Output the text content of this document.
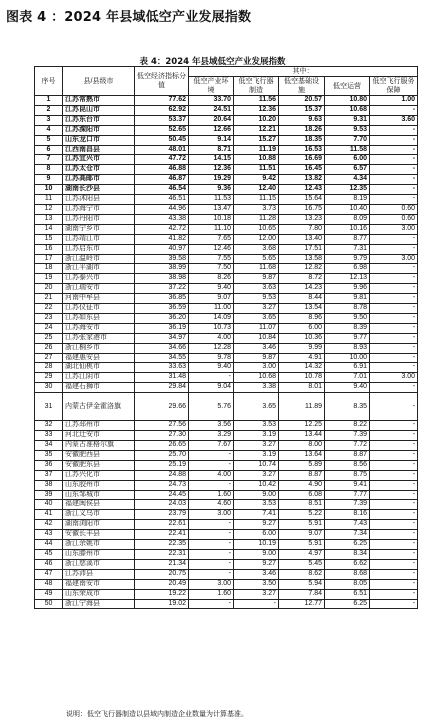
图表 4 ：2024 年县域低空产业发展指数
表 4：2024 年县域低空产业发展指数
序号	县/县级市	低空经济指标分值	其中：				
			低空产业环境	低空飞行器制造	低空基础设施	低空运营	低空飞行服务保障
1	江苏常熟市	77.62	33.70	11.56	20.57	10.80	1.00
2	江苏昆山市	62.92	24.51	12.36	15.37	10.68	-
3	江苏东台市	53.37	20.64	10.20	9.63	9.31	3.60
4	江苏溧阳市	52.65	12.66	12.21	18.26	9.53	-
5	山东龙口市	50.45	9.14	15.27	18.35	7.70	-
6	江西南昌县	48.01	8.71	11.19	16.53	11.58	-
7	江苏宜兴市	47.72	14.15	10.88	16.69	6.00	-
8	江苏太仓市	46.88	12.36	11.51	16.45	6.57	-
9	江苏高邮市	46.87	19.29	9.42	13.82	4.34	-
10	湖南长沙县	46.54	9.36	12.40	12.43	12.35	-
11	江苏沭阳县	46.51	11.53	11.15	15.64	8.19	-
12	江苏海宁市	44.96	13.47	3.73	16.75	10.40	0.60
13	江苏丹阳市	43.38	10.18	11.28	13.23	8.09	0.60
14	湖南宁乡市	42.72	11.10	10.65	7.80	10.16	3.00
15	江苏靖江市	41.82	7.65	12.00	13.40	8.77	-
16	江苏启东市	40.97	12.46	3.68	17.51	7.31	-
17	浙江温岭市	39.58	7.55	5.65	13.58	9.79	3.00
18	浙江平湖市	38.99	7.50	11.68	12.82	6.98	-
19	江苏泰兴市	38.98	8.26	9.87	8.72	12.13	-
20	浙江瑞安市	37.22	9.40	3.63	14.23	9.96	-
21	河南中牟县	36.85	9.07	9.53	8.44	9.81	-
22	江苏仪征市	36.59	11.00	3.27	13.54	8.78	-
23	江苏如东县	36.20	14.09	3.65	8.96	9.50	-
24	江苏海安市	36.19	10.73	11.07	6.00	8.39	-
25	江苏张家港市	34.97	4.00	10.84	10.36	9.77	-
26	浙江桐乡市	34.66	12.28	3.46	9.99	8.93	-
27	福建惠安县	34.55	9.78	9.87	4.91	10.00	-
28	湖北仙桃市	33.63	9.40	3.00	14.32	6.91	-
29	江苏江阴市	31.48	-	10.68	10.78	7.01	3.00
30	福建石狮市	29.84	9.04	3.38	8.01	9.40	-
31	内蒙古伊金霍洛旗	29.66	5.76	3.65	11.89	8.35	-
32	江苏邳州市	27.56	3.56	3.53	12.25	8.22	-
33	河北迁安市	27.30	3.29	3.19	13.44	7.39	-
34	内蒙古准格尔旗	26.65	7.67	3.27	8.00	7.72	-
35	安徽肥西县	25.70	-	3.19	13.64	8.87	-
36	安徽肥东县	25.19	-	10.74	5.89	8.56	-
37	江苏兴化市	24.88	4.00	3.27	8.87	8.75	-
38	山东胶州市	24.73	-	10.42	4.90	9.41	-
39	山东邹城市	24.45	1.60	9.00	6.08	7.77	-
40	福建闽侯县	24.03	4.60	3.53	8.51	7.39	-
41	浙江义乌市	23.79	3.00	7.41	5.22	8.16	-
42	湖南浏阳市	22.61	-	9.27	5.91	7.43	-
43	安徽长丰县	22.41	-	6.00	9.07	7.34	-
44	浙江余姚市	22.35	-	10.19	5.91	6.25	-
45	山东滕州市	22.31	-	9.00	4.97	8.34	-
46	浙江慈溪市	21.34	-	9.27	5.45	6.62	-
47	江苏沛县	20.75	-	3.46	8.62	8.68	-
48	福建南安市	20.49	3.00	3.50	5.94	8.05	-
49	山东荣成市	19.22	1.60	3.27	7.84	6.51	-
50	浙江宁海县	19.02	-	-	12.77	6.25	-
说明：低空飞行器制造以县域内制造企业数量为计算基准。
